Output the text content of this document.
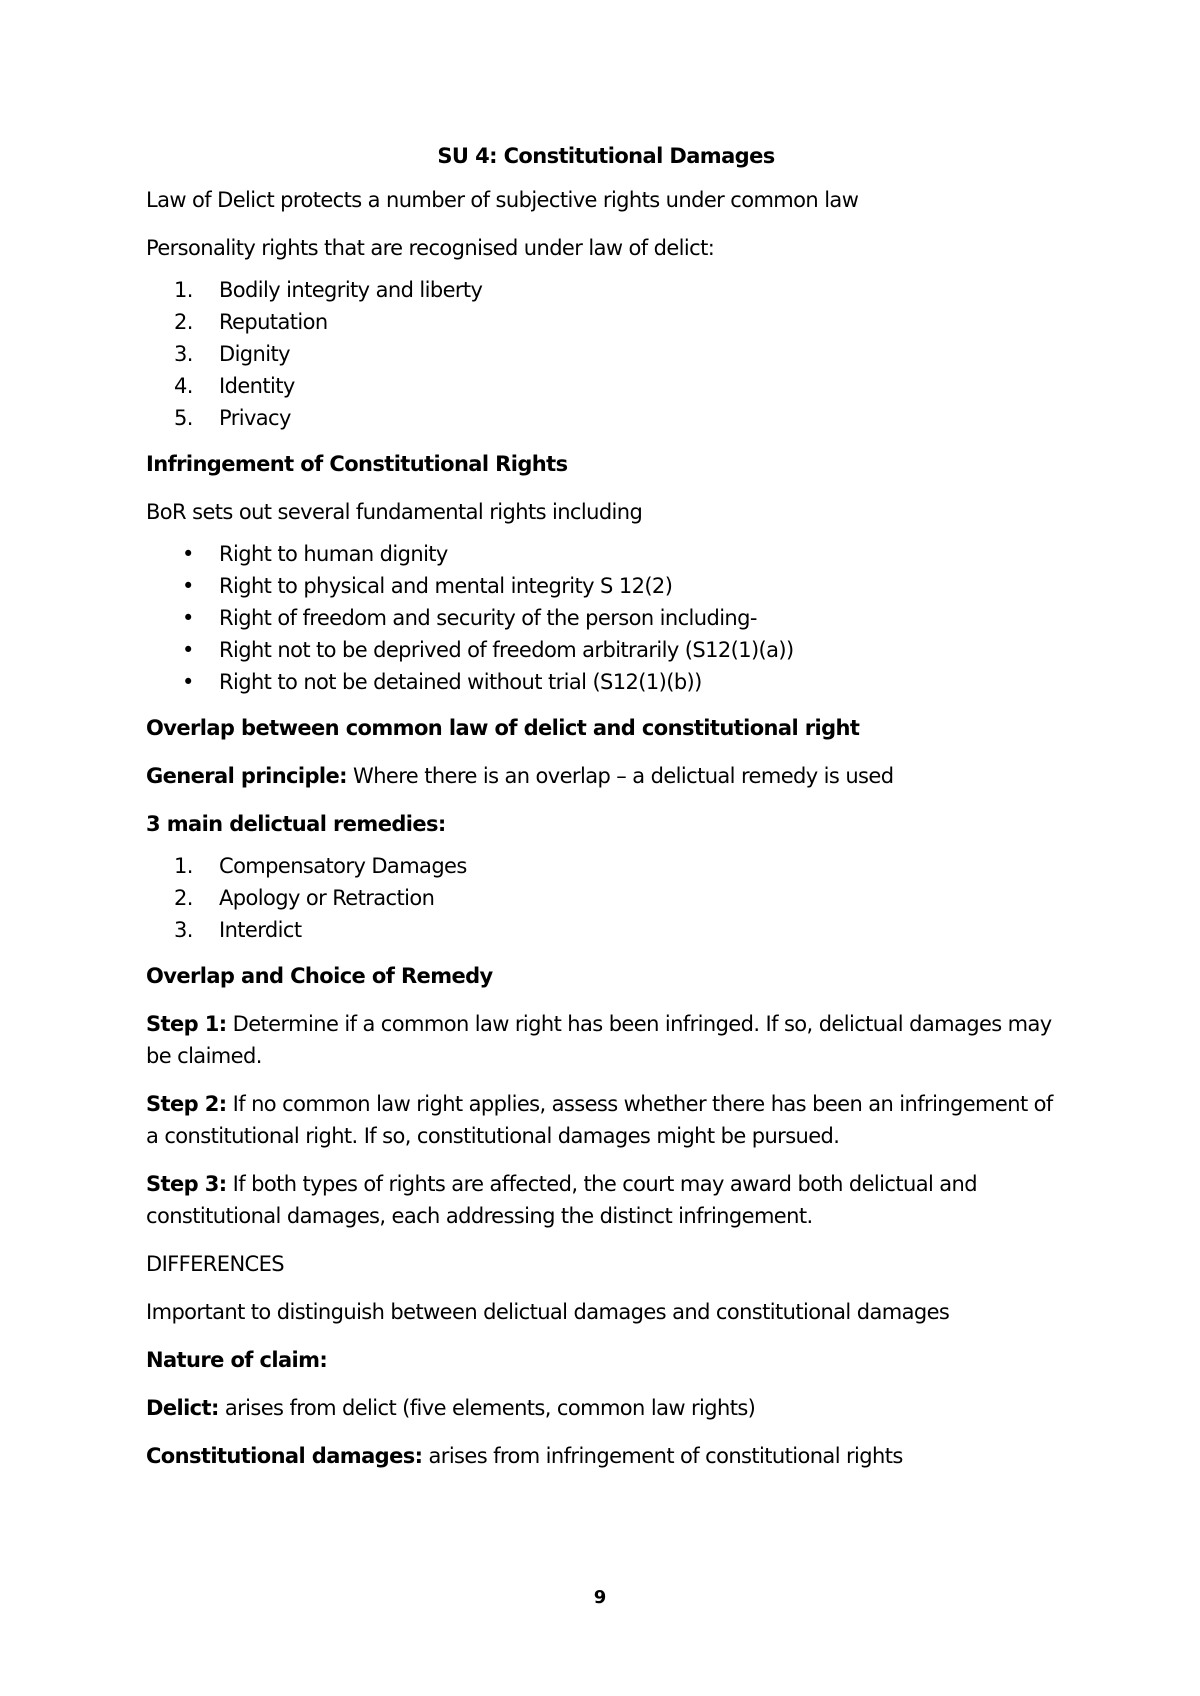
SU 4: Constitutional Damages

Law of Delict protects a number of subjective rights under common law

Personality rights that are recognised under law of delict:

1. Bodily integrity and liberty
2. Reputation
3. Dignity
4. Identity
5. Privacy

Infringement of Constitutional Rights

BoR sets out several fundamental rights including

• Right to human dignity
• Right to physical and mental integrity S 12(2)
• Right of freedom and security of the person including-
• Right not to be deprived of freedom arbitrarily (S12(1)(a))
• Right to not be detained without trial (S12(1)(b))

Overlap between common law of delict and constitutional right

General principle: Where there is an overlap – a delictual remedy is used

3 main delictual remedies:

1. Compensatory Damages
2. Apology or Retraction
3. Interdict

Overlap and Choice of Remedy

Step 1: Determine if a common law right has been infringed. If so, delictual damages may be claimed.

Step 2: If no common law right applies, assess whether there has been an infringement of a constitutional right. If so, constitutional damages might be pursued.

Step 3: If both types of rights are affected, the court may award both delictual and constitutional damages, each addressing the distinct infringement.

DIFFERENCES

Important to distinguish between delictual damages and constitutional damages

Nature of claim:

Delict: arises from delict (five elements, common law rights)

Constitutional damages: arises from infringement of constitutional rights

9
